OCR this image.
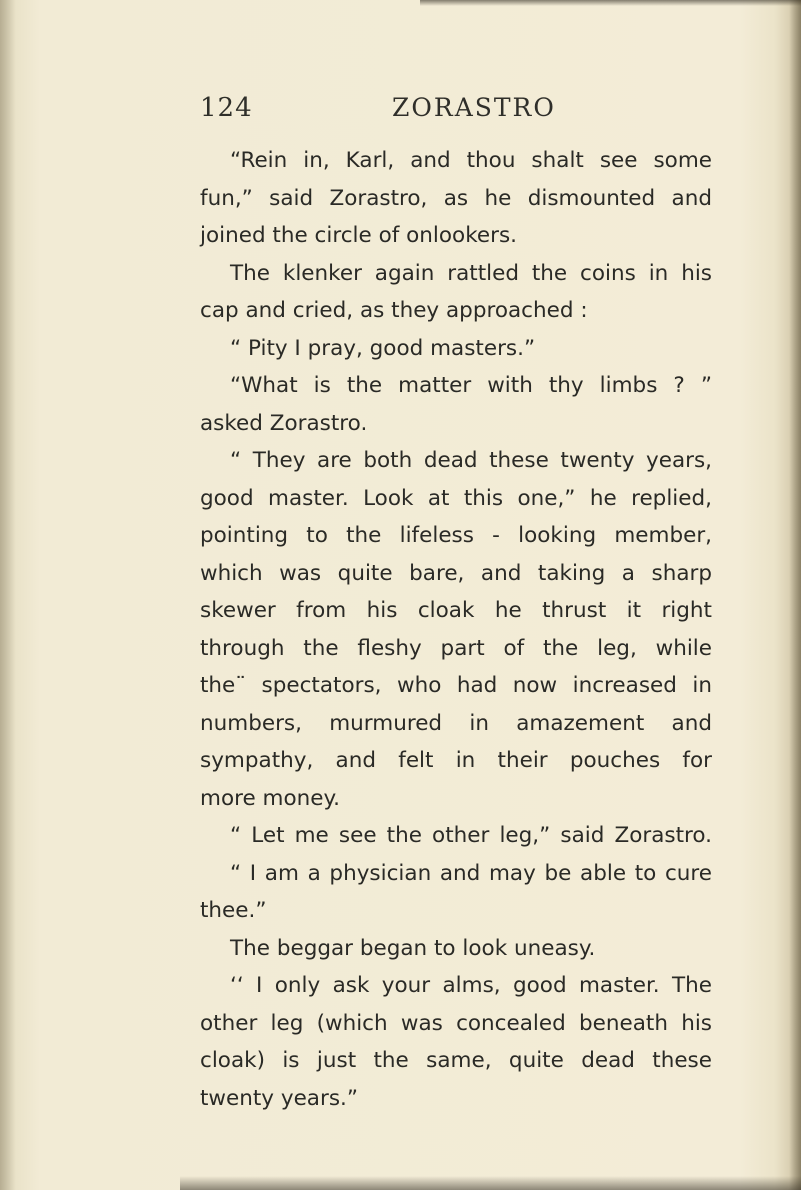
124	ZORASTRO
“Rein in, Karl, and thou shalt see some
fun,” said Zorastro, as he dismounted and
joined the circle of onlookers.
The klenker again rattled the coins in his
cap and cried, as they approached :
“ Pity I pray, good masters.”
“What is the matter with thy limbs ? ”
asked Zorastro.
“ They are both dead these twenty years,
good master. Look at this one,” he replied,
pointing to the lifeless - looking member,
which was quite bare, and taking a sharp
skewer from his cloak he thrust it right
through the fleshy part of the leg, while
the¨ spectators, who had now increased in
numbers, murmured in amazement and
sympathy, and felt in their pouches for
more money.
“ Let me see the other leg,” said Zorastro.
“ I am a physician and may be able to cure
thee.”
The beggar began to look uneasy.
‘‘ I only ask your alms, good master. The
other leg (which was concealed beneath his
cloak) is just the same, quite dead these
twenty years.”
